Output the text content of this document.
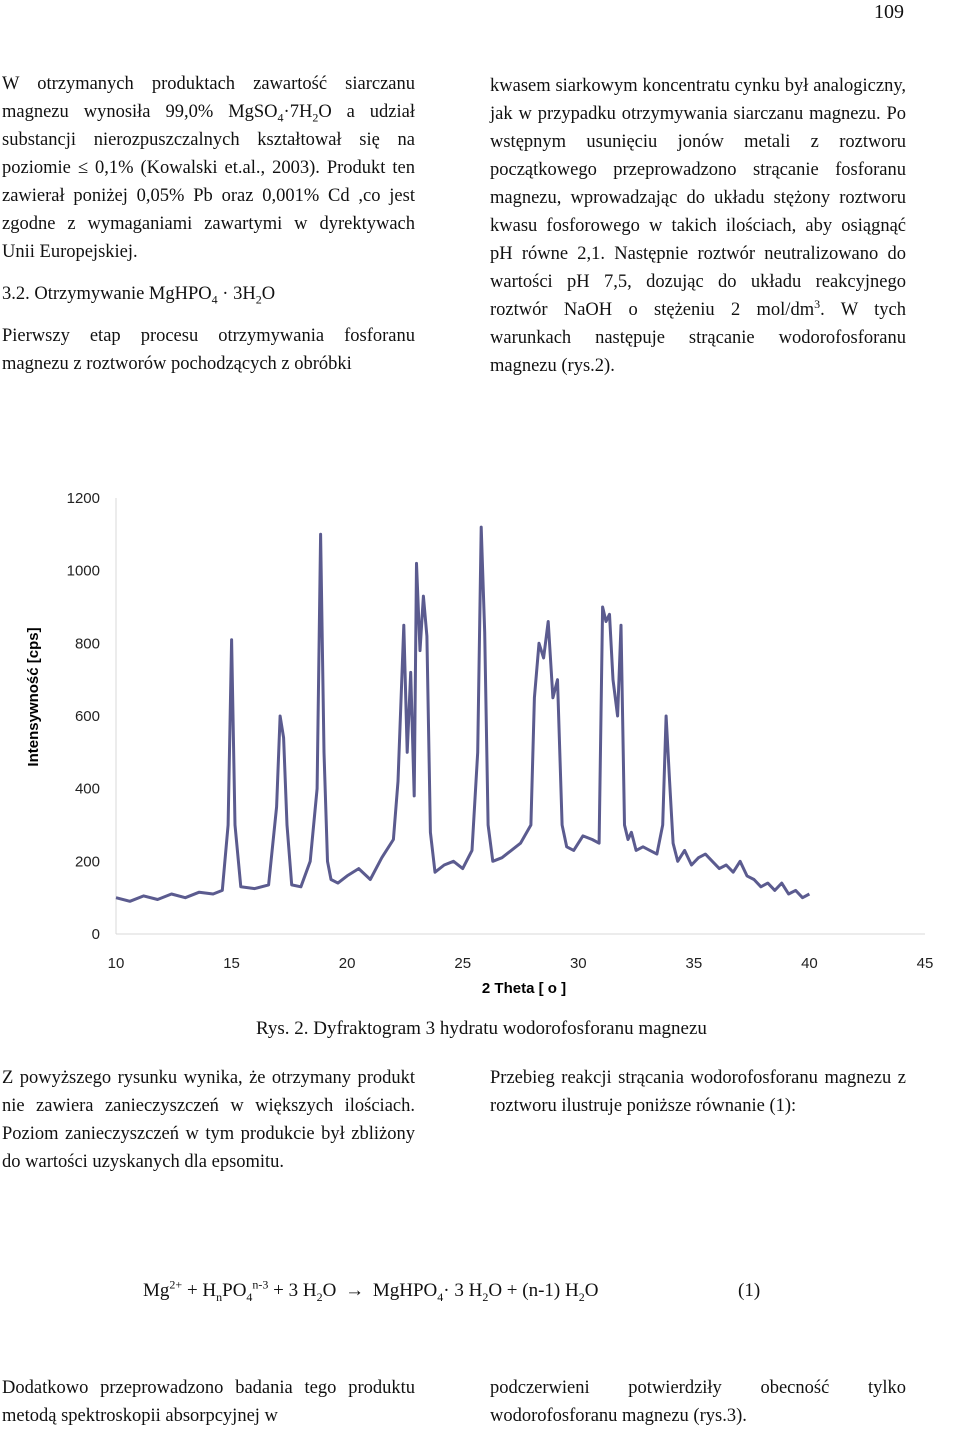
109

W otrzymanych produktach zawartość siarczanu magnezu wynosiła 99,0% $MgSO_4\cdot 7H_2O$ a udział substancji nierozpuszczalnych kształtował się na poziomie ≤ 0,1% (Kowalski et.al., 2003). Produkt ten zawierał poniżej 0,05% Pb oraz 0,001% Cd ,co jest zgodne z wymaganiami zawartymi w dyrektywach Unii Europejskiej.

3.2. Otrzymywanie MgHPO$_4$ · $3H_2O$

Pierwszy etap procesu otrzymywania fosforanu magnezu z roztworów pochodzących z obróbki

kwasem siarkowym koncentratu cynku był analogiczny, jak w przypadku otrzymywania siarczanu magnezu. Po wstępnym usunięciu jonów metali z roztworu początkowego przeprowadzono strącanie fosforanu magnezu, wprowadzając do układu stężony roztworu kwasu fosforowego w takich ilościach, aby osiągnąć pH równe 2,1. Następnie roztwór neutralizowano do wartości pH 7,5, dozując do układu reakcyjnego roztwór NaOH o stężeniu 2 mol/$dm^3$. W tych warunkach następuje strącanie wodorofosforanu magnezu (rys.2).

0
200
400
600
800
1000
1200
10	15	20	25	30	35	40	45
2 Theta [ o ]
Intensywność [cps]
Rys. 2. Dyfraktogram 3 hydratu wodorofosforanu magnezu

Z powyższego rysunku wynika, że otrzymany produkt nie zawiera zanieczyszczeń w większych ilościach. Poziom zanieczyszczeń w tym produkcie był zbliżony do wartości uzyskanych dla epsomitu.

Przebieg reakcji strącania wodorofosforanu magnezu z roztworu ilustruje poniższe równanie (1):

$Mg^{2+} + H_nPO_4^{n-3} + 3$ $H_2O$ → MgHPO$_4$· 3 $H_2O + (n-1)$ $H_2O$	(1)

Dodatkowo przeprowadzono badania tego produktu metodą spektroskopii absorpcyjnej w

podczerwieni potwierdziły obecność tylko wodorofosforanu magnezu (rys.3).
